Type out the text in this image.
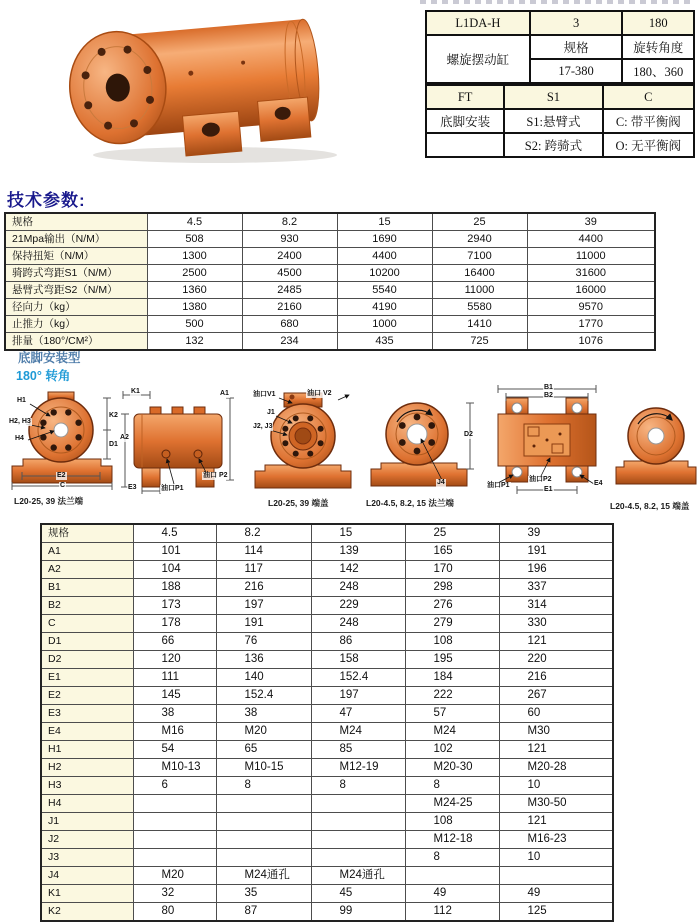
L1DA-H	3	180
螺旋摆动缸	规格	旋转角度
	17-380	180、360
FT	S1	C
底脚安装	S1:悬臂式	C: 带平衡阀
	S2: 跨骑式	O: 无平衡阀
技术参数:
规格	4.5	8.2	15	25	39
21Mpa输出（N/M）	508	930	1690	2940	4400
保持扭矩（N/M）	1300	2400	4400	7100	11000
骑跨式弯距S1（N/M）	2500	4500	10200	16400	31600
悬臂式弯距S2（N/M）	1360	2485	5540	11000	16000
径向力（kg）	1380	2160	4190	5580	9570
止推力（kg）	500	680	1000	1410	1770
排量（180°/CM²）	132	234	435	725	1076
底脚安装型
180° 转角
H1
H2, H3
H4
K2
D1
E2
C
L20-25, 39 法兰端
K1	A1
A2
E3	油口P1
油口 P2
油口V1	油口 V2
J1
J2, J3
L20-25, 39 端盖
J4
D2
L20-4.5, 8.2, 15 法兰端
B1
B2
油口P1
油口P2
E1
E4
L20-4.5, 8.2, 15 端盖
规格	4.5	8.2	15	25	39
A1	101	114	139	165	191
A2	104	117	142	170	196
B1	188	216	248	298	337
B2	173	197	229	276	314
C	178	191	248	279	330
D1	66	76	86	108	121
D2	120	136	158	195	220
E1	111	140	152.4	184	216
E2	145	152.4	197	222	267
E3	38	38	47	57	60
E4	M16	M20	M24	M24	M30
H1	54	65	85	102	121
H2	M10-13	M10-15	M12-19	M20-30	M20-28
H3	6	8	8	8	10
H4				M24-25	M30-50
J1				108	121
J2				M12-18	M16-23
J3				8	10
J4	M20	M24通孔	M24通孔		
K1	32	35	45	49	49
K2	80	87	99	112	125
